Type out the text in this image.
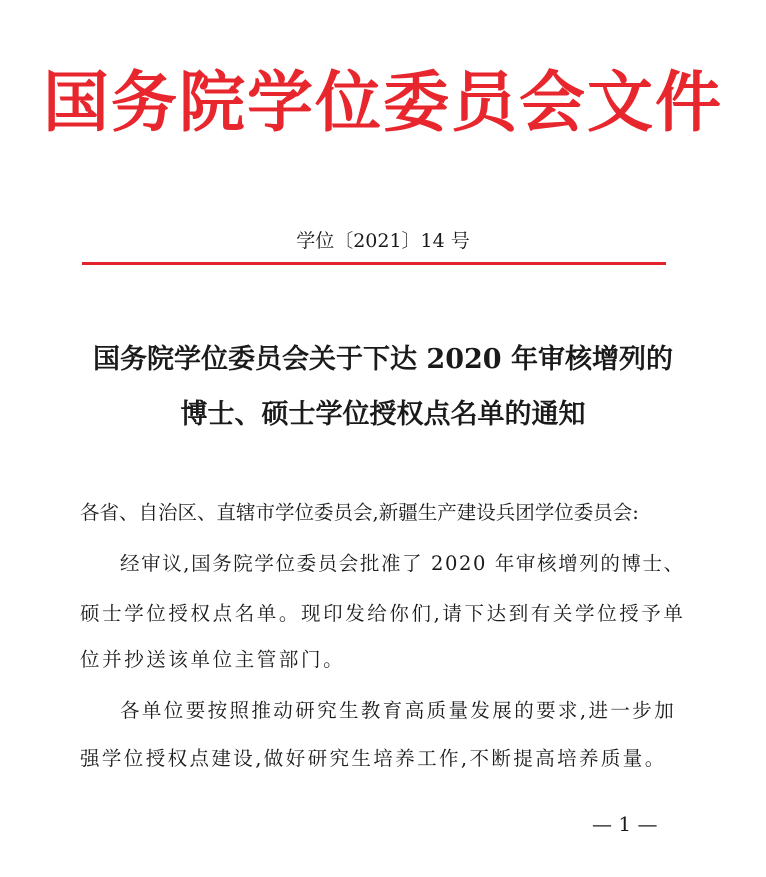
国务院学位委员会文件
学位〔2021〕14 号
国务院学位委员会关于下达 2020 年审核增列的
博士、硕士学位授权点名单的通知
各省、自治区、直辖市学位委员会,新疆生产建设兵团学位委员会:
经审议,国务院学位委员会批准了 2020 年审核增列的博士、
硕士学位授权点名单。现印发给你们,请下达到有关学位授予单
位并抄送该单位主管部门。
各单位要按照推动研究生教育高质量发展的要求,进一步加
强学位授权点建设,做好研究生培养工作,不断提高培养质量。
— 1 —
